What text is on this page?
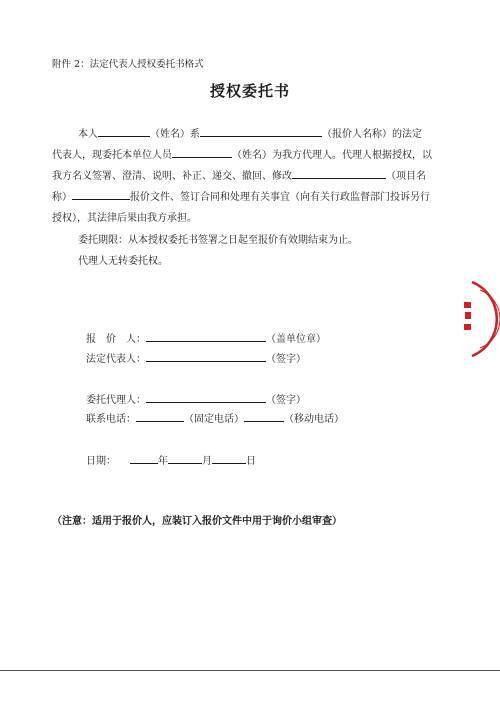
附件 2：法定代表人授权委托书格式
授权委托书
本人	（姓名）系	（报价人名称）的法定
代表人，现委托本单位人员	（姓名）为我方代理人。代理人根据授权，以
我方名义签署、澄清、说明、补正、递交、撤回、修改	（项目名
称）	报价文件、签订合同和处理有关事宜（向有关行政监督部门投诉另行
授权），其法律后果由我方承担。
委托期限：从本授权委托书签署之日起至报价有效期结束为止。
代理人无转委托权。
报　价　人：	（盖单位章）
法定代表人：	（签字）
委托代理人：	（签字）
联系电话：	（固定电话）	（移动电话）
日期：	年	月	日
（注意：适用于报价人，应装订入报价文件中用于询价小组审查）
